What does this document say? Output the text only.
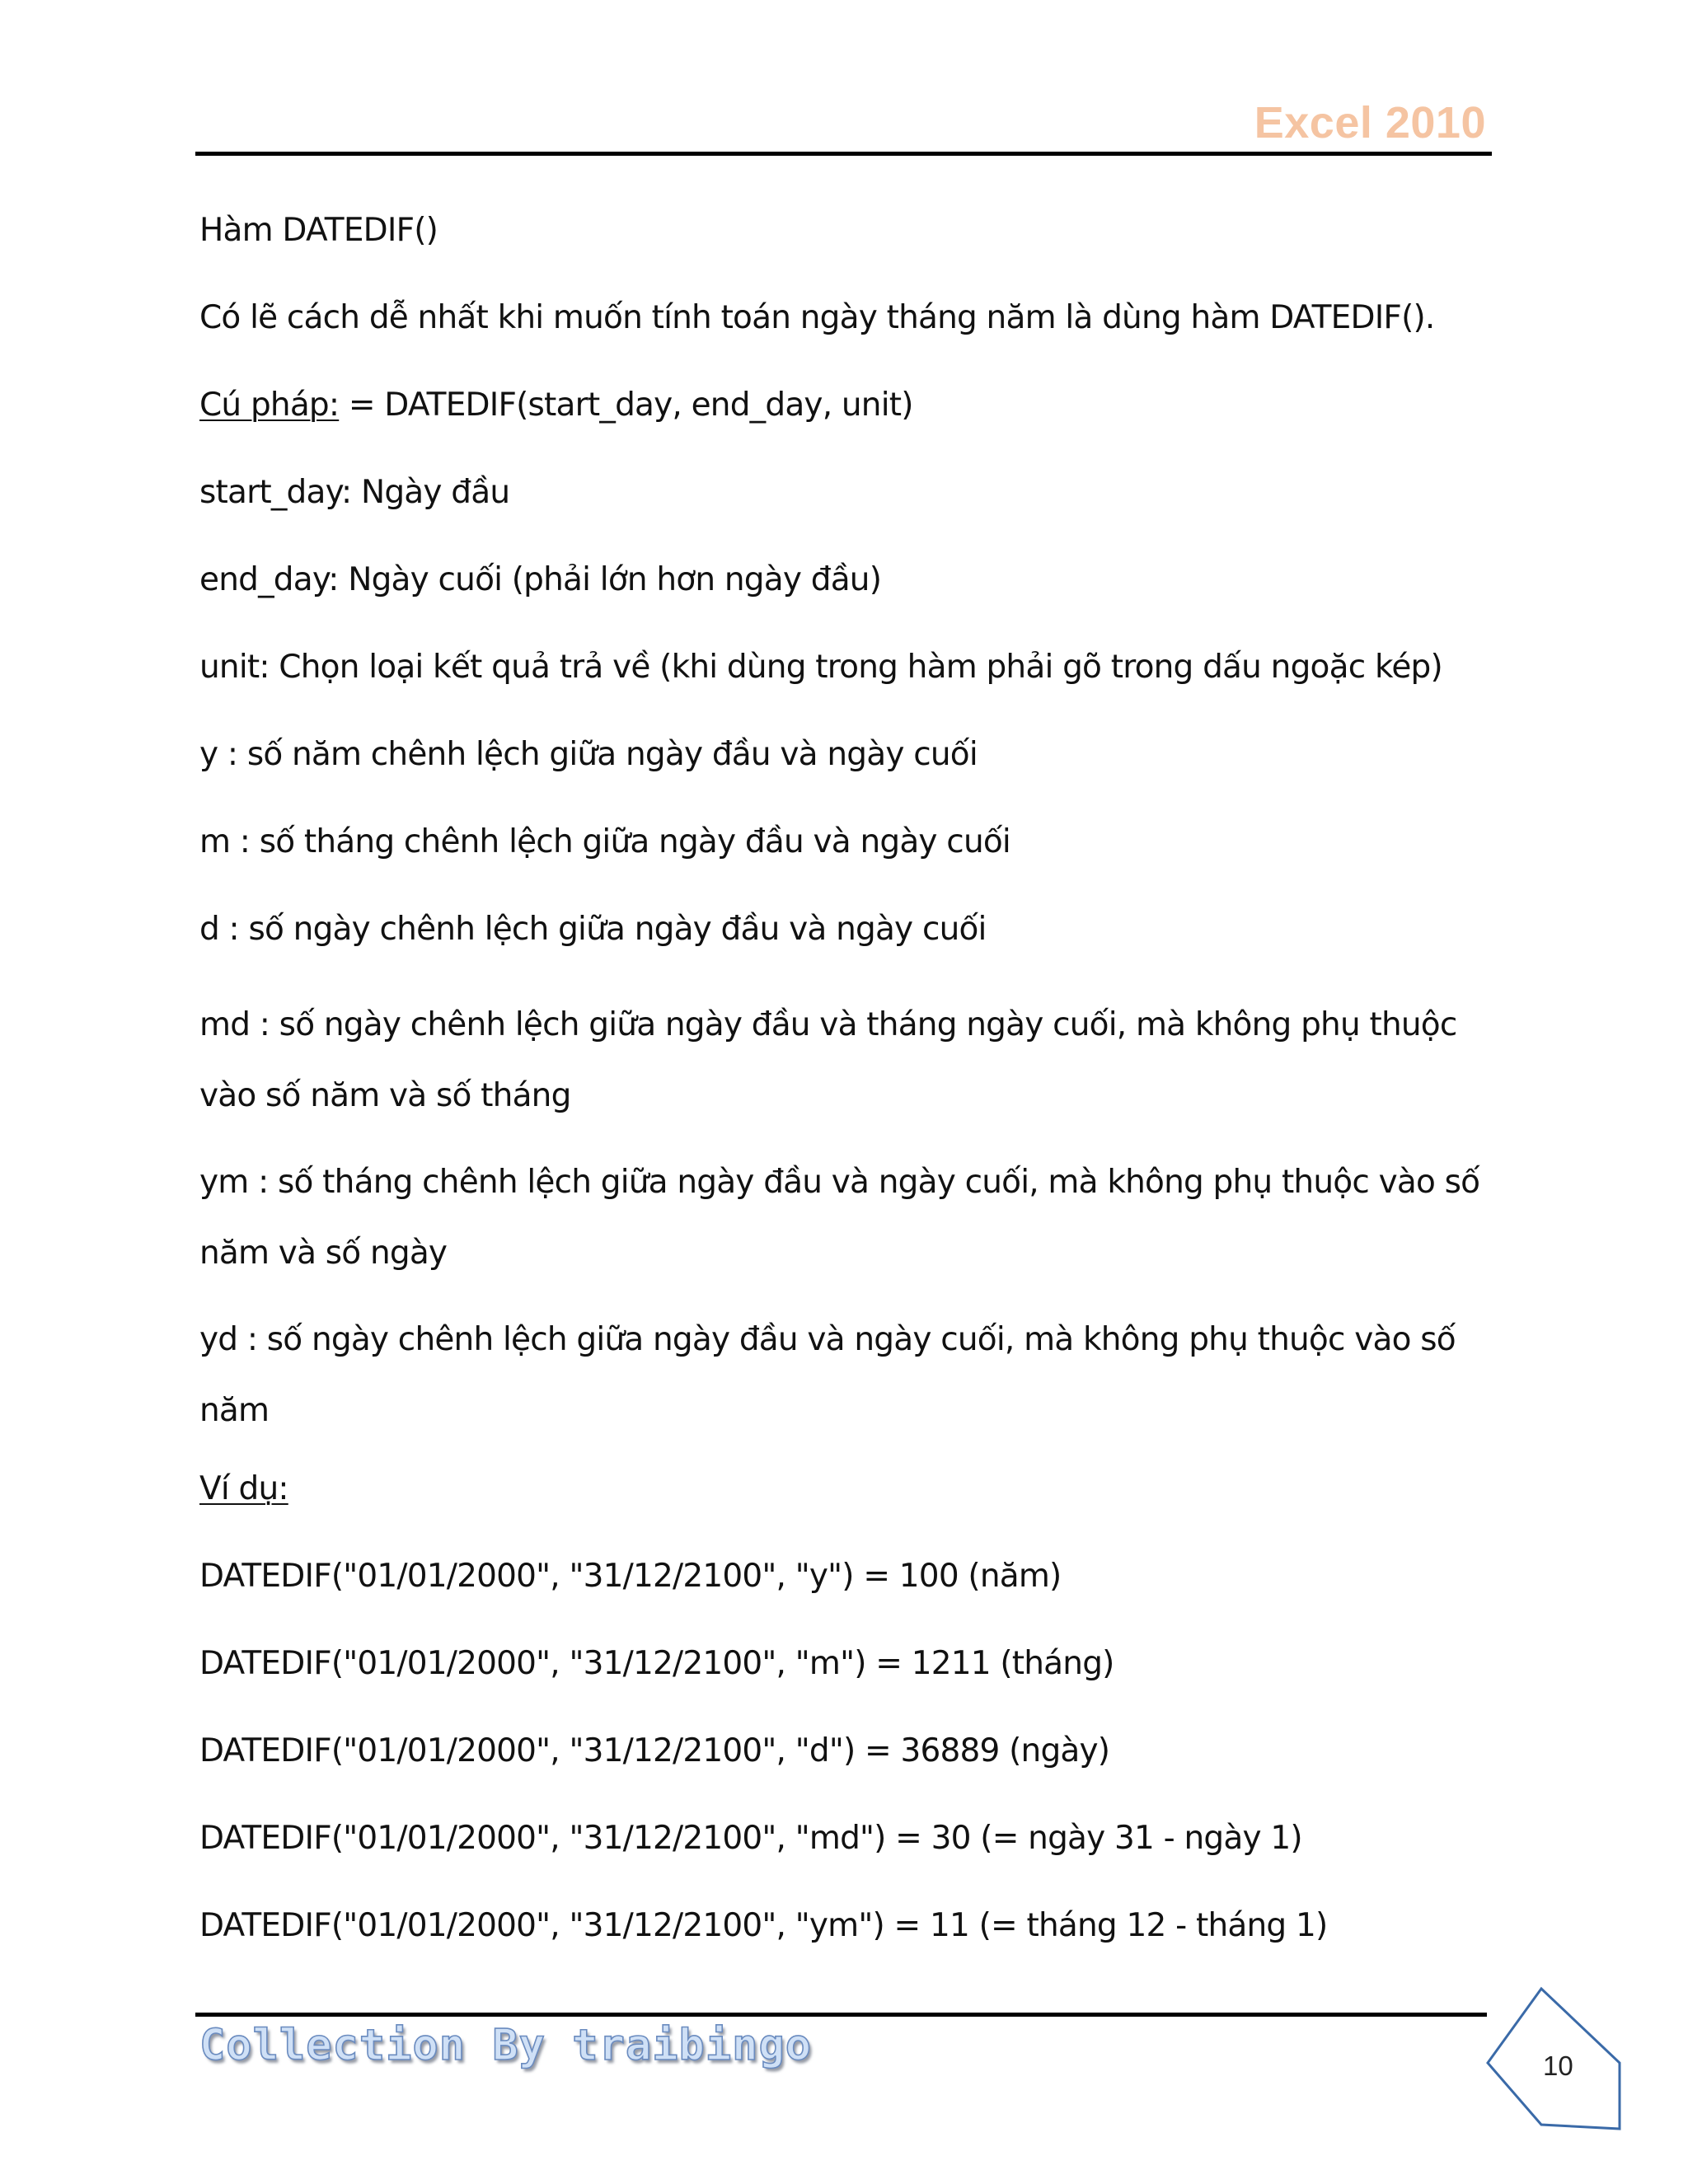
Excel 2010

Hàm DATEDIF()

Có lẽ cách dễ nhất khi muốn tính toán ngày tháng năm là dùng hàm DATEDIF().

Cú pháp: = DATEDIF(start_day, end_day, unit)

start_day: Ngày đầu

end_day: Ngày cuối (phải lớn hơn ngày đầu)

unit: Chọn loại kết quả trả về (khi dùng trong hàm phải gõ trong dấu ngoặc kép)

y : số năm chênh lệch giữa ngày đầu và ngày cuối

m : số tháng chênh lệch giữa ngày đầu và ngày cuối

d : số ngày chênh lệch giữa ngày đầu và ngày cuối

md : số ngày chênh lệch giữa ngày đầu và tháng ngày cuối, mà không phụ thuộc vào số năm và số tháng

ym : số tháng chênh lệch giữa ngày đầu và ngày cuối, mà không phụ thuộc vào số năm và số ngày

yd : số ngày chênh lệch giữa ngày đầu và ngày cuối, mà không phụ thuộc vào số năm

Ví dụ:

DATEDIF("01/01/2000", "31/12/2100", "y") = 100 (năm)

DATEDIF("01/01/2000", "31/12/2100", "m") = 1211 (tháng)

DATEDIF("01/01/2000", "31/12/2100", "d") = 36889 (ngày)

DATEDIF("01/01/2000", "31/12/2100", "md") = 30 (= ngày 31 - ngày 1)

DATEDIF("01/01/2000", "31/12/2100", "ym") = 11 (= tháng 12 - tháng 1)

Collection By traibingo	10
